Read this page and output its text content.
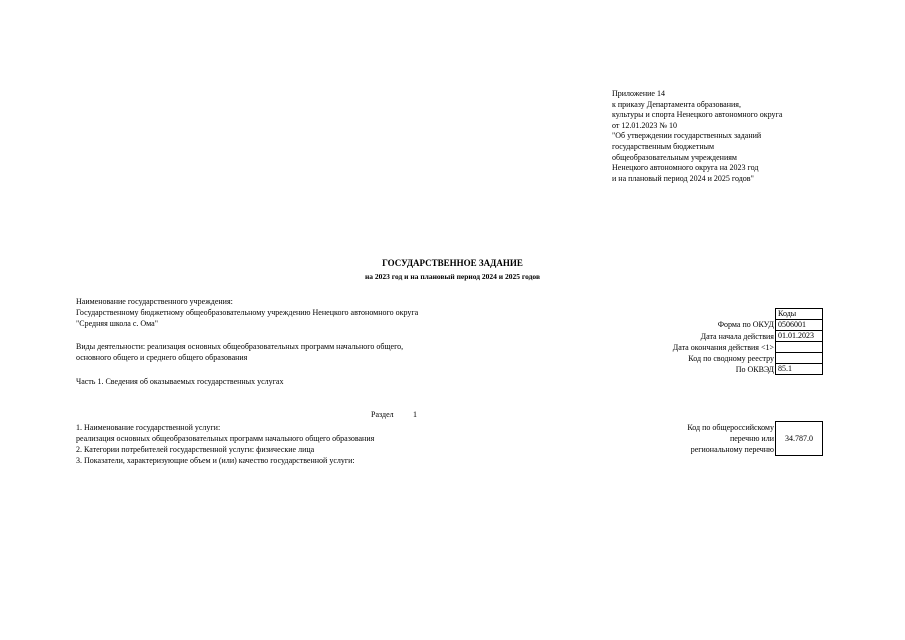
Приложение 14
к приказу Департамента образования,
культуры и спорта Ненецкого автономного округа
от 12.01.2023 № 10
"Об утверждении государственных заданий
государственным бюджетным
общеобразовательным учреждениям
Ненецкого автономного округа на 2023 год
и на плановый период 2024 и 2025 годов"
ГОСУДАРСТВЕННОЕ ЗАДАНИЕ
на 2023 год и на плановый период 2024 и 2025 годов
Наименование государственного учреждения:
Государственному бюджетному общеобразовательному учреждению Ненецкого автономного округа
"Средняя школа с. Ома"
Виды деятельности: реализация основных общеобразовательных программ начального общего,
основного общего и среднего общего образования
Форма по ОКУД
Дата начала действия
Дата окончания действия <1>
Код по сводному реестру
По ОКВЭД
Коды
0506001
01.01.2023
85.1
Часть 1. Сведения об оказываемых государственных услугах
Раздел 1
1. Наименование государственной услуги:
реализация основных общеобразовательных программ начального общего образования
2. Категории потребителей государственной услуги: физические лица
3. Показатели, характеризующие объем и (или) качество государственной услуги:
Код по общероссийскому
перечню или
региональному перечню
34.787.0
